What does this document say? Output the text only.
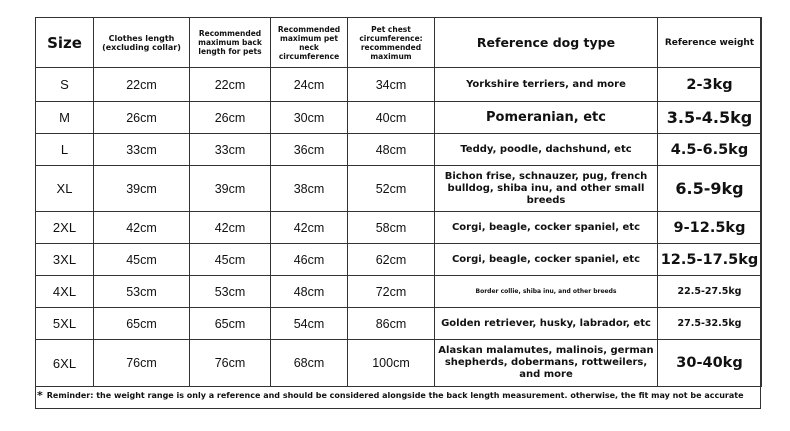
Size	Clothes length (excluding collar)	Recommended maximum back length for pets	Recommended maximum pet neck circumference	Pet chest circumference: recommended maximum	Reference dog type	Reference weight
S	22cm	22cm	24cm	34cm	Yorkshire terriers, and more	2-3kg
M	26cm	26cm	30cm	40cm	Pomeranian, etc	3.5-4.5kg
L	33cm	33cm	36cm	48cm	Teddy, poodle, dachshund, etc	4.5-6.5kg
XL	39cm	39cm	38cm	52cm	Bichon frise, schnauzer, pug, french bulldog, shiba inu, and other small breeds	6.5-9kg
2XL	42cm	42cm	42cm	58cm	Corgi, beagle, cocker spaniel, etc	9-12.5kg
3XL	45cm	45cm	46cm	62cm	Corgi, beagle, cocker spaniel, etc	12.5-17.5kg
4XL	53cm	53cm	48cm	72cm	Border collie, shiba inu, and other breeds	22.5-27.5kg
5XL	65cm	65cm	54cm	86cm	Golden retriever, husky, labrador, etc	27.5-32.5kg
6XL	76cm	76cm	68cm	100cm	Alaskan malamutes, malinois, german shepherds, dobermans, rottweilers, and more	30-40kg
* Reminder: the weight range is only a reference and should be considered alongside the back length measurement. otherwise, the fit may not be accurate
